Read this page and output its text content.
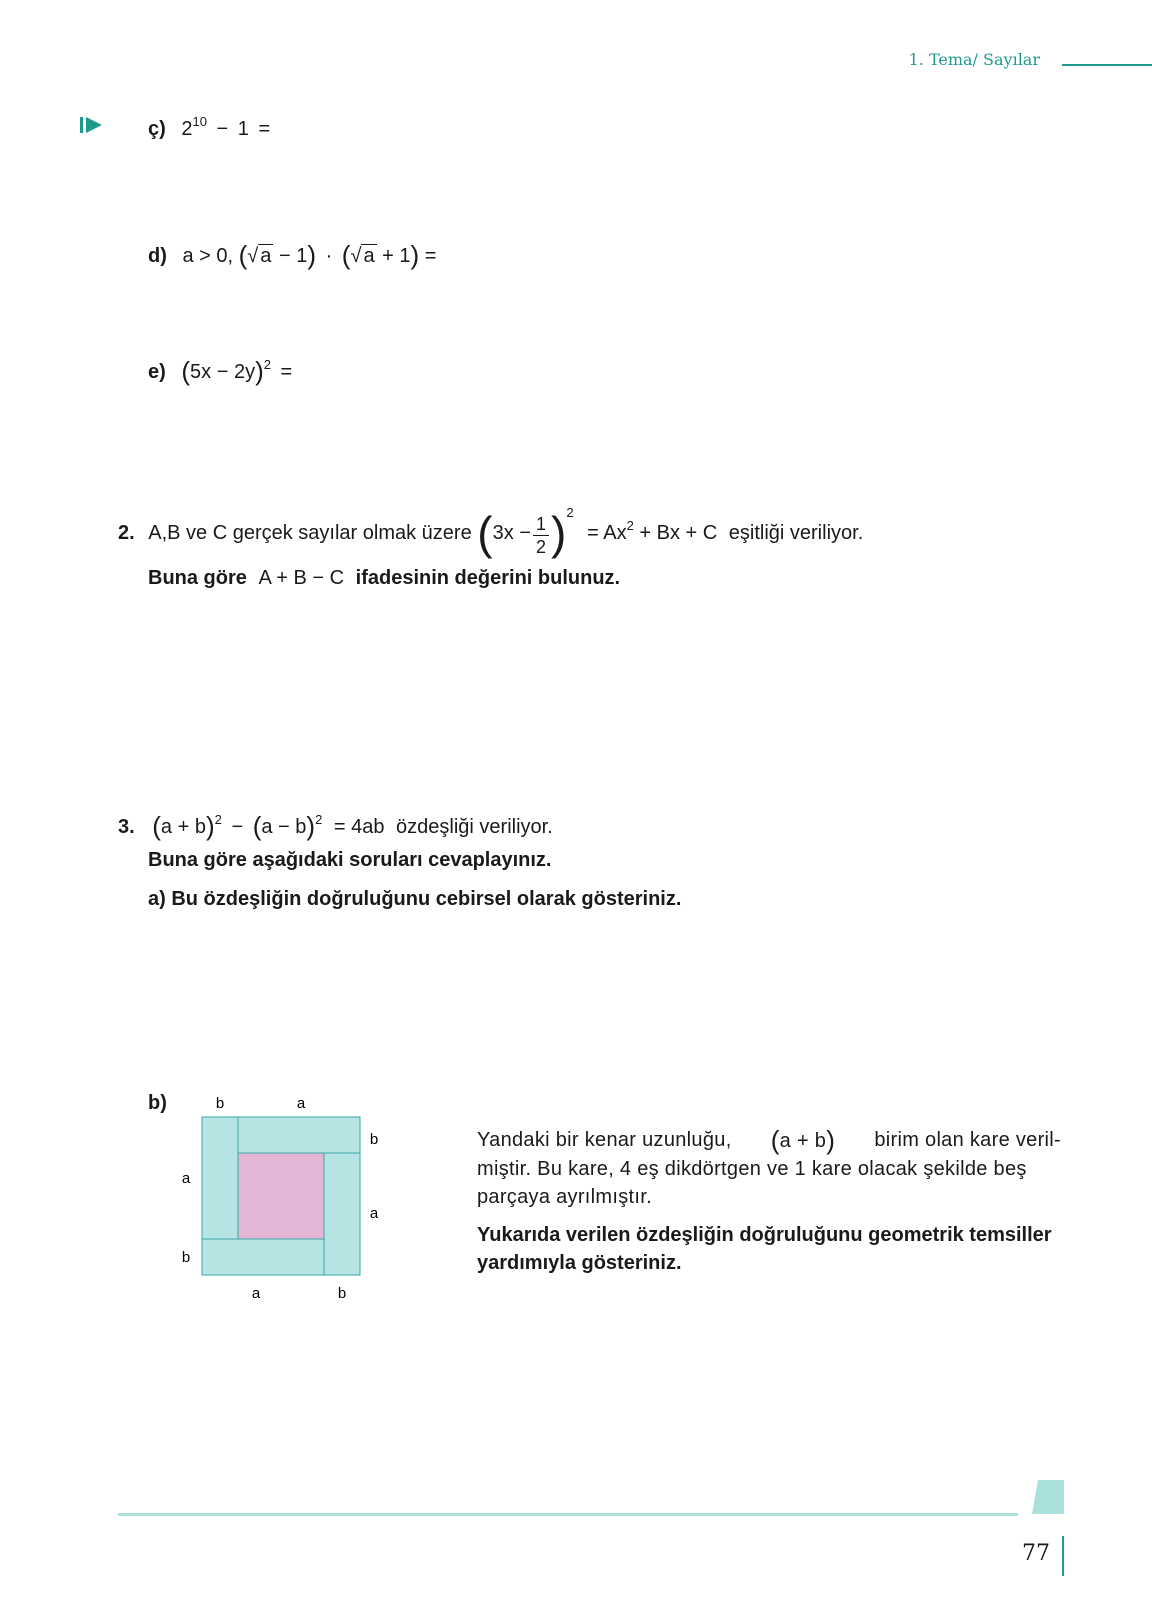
1. Tema/ Sayılar
ç) $2^{10} - 1$ =
d) a > 0, (√ a − 1) · (√ a + 1) =
e) $(5x - 2y)^2$ =
2. A,B ve C gerçek sayılar olmak üzere $(3x - \frac{1}{2} )^2 = Ax^2 + Bx + C$ eşitliği veriliyor.
Buna göre A + B − C ifadesinin değerini bulunuz.
3. $(a + b)^2 - (a - b)^2 = 4ab$ özdeşliği veriliyor.
Buna göre aşağıdaki soruları cevaplayınız.
a) Bu özdeşliğin doğruluğunu cebirsel olarak gösteriniz.
b)	b	a
b
a
a
b
a	b
Yandaki bir kenar uzunluğu, (a + b) birim olan kare veril-
miştir. Bu kare, 4 eş dikdörtgen ve 1 kare olacak şekilde beş
parçaya ayrılmıştır.
Yukarıda verilen özdeşliğin doğruluğunu geometrik temsiller
yardımıyla gösteriniz.
77
